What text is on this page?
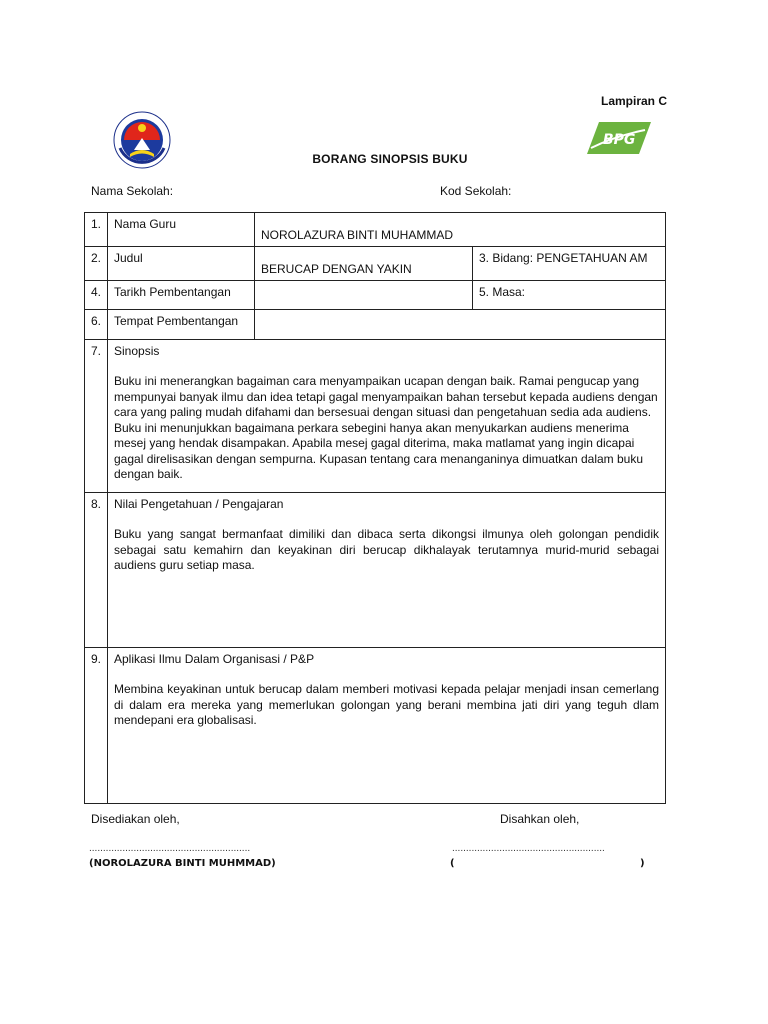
Lampiran C
BPG
BORANG SINOPSIS BUKU
Nama Sekolah:	Kod Sekolah:
1.	Nama Guru	NOROLAZURA BINTI MUHAMMAD	
2.	Judul	BERUCAP DENGAN YAKIN	3. Bidang: PENGETAHUAN AM
4.	Tarikh Pembentangan		5. Masa:
6.	Tempat Pembentangan		
7.	Sinopsis
Buku ini menerangkan bagaiman cara menyampaikan ucapan dengan baik. Ramai pengucap yang mempunyai banyak ilmu dan idea tetapi gagal menyampaikan bahan tersebut kepada audiens dengan cara yang paling mudah difahami dan bersesuai dengan situasi dan pengetahuan sedia ada audiens. Buku ini menunjukkan bagaimana perkara sebegini hanya akan menyukarkan audiens menerima mesej yang hendak disampakan. Apabila mesej gagal diterima, maka matlamat yang ingin dicapai gagal direlisasikan dengan sempurna. Kupasan tentang cara menanganinya dimuatkan dalam buku dengan baik.		

8.	Nilai Pengetahuan / Pengajaran
Buku yang sangat bermanfaat dimiliki dan dibaca serta dikongsi ilmunya oleh golongan pendidik sebagai satu kemahirn dan keyakinan diri berucap dikhalayak terutamnya murid-murid sebagai audiens guru setiap masa.		

9.	Aplikasi Ilmu Dalam Organisasi / P&P
Membina keyakinan untuk berucap dalam memberi motivasi kepada pelajar menjadi insan cemerlang di dalam era mereka yang memerlukan golongan yang berani membina jati diri yang teguh dlam mendepani era globalisasi.		
Disediakan oleh,	Disahkan oleh,
..........................................................	.......................................................
(NOROLAZURA BINTI MUHMMAD)	(	)
